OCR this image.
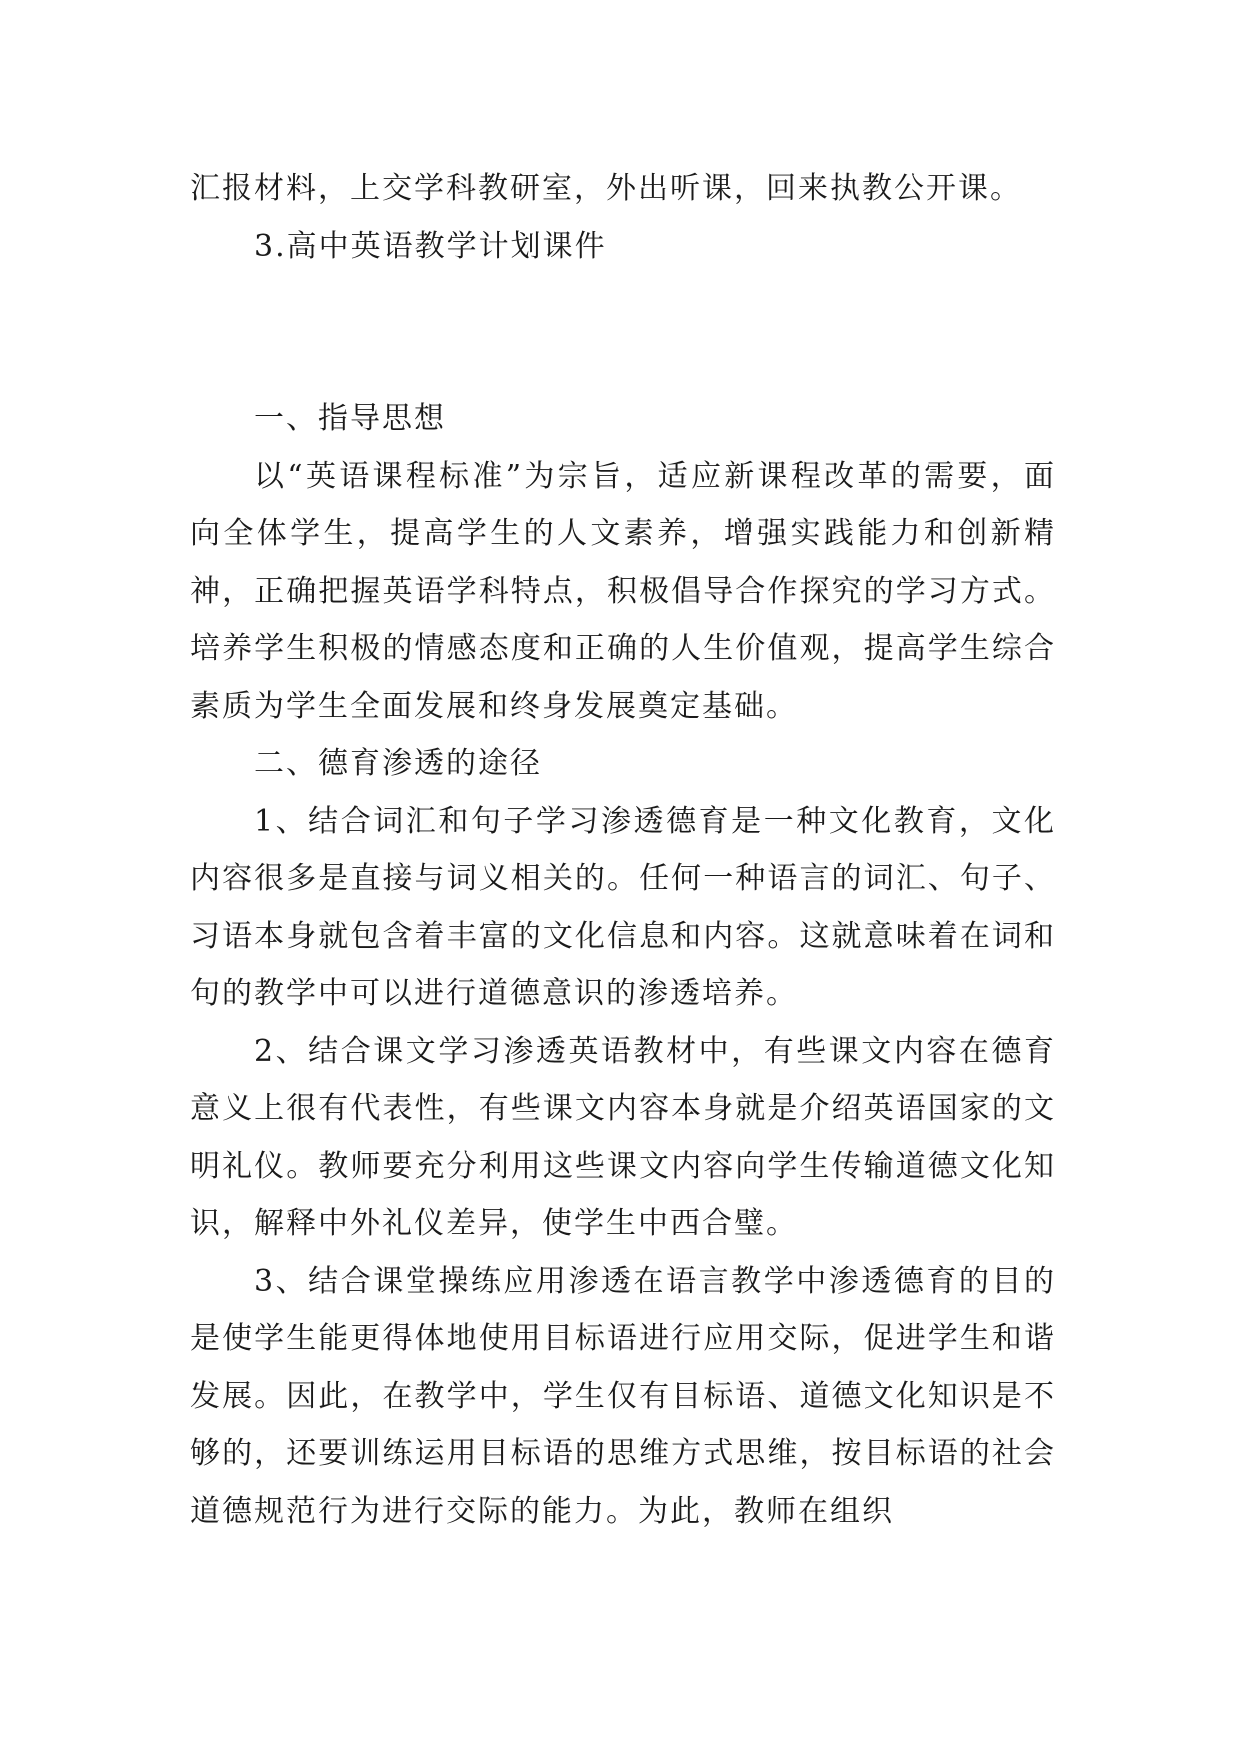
汇报材料，上交学科教研室，外出听课，回来执教公开课。

3.高中英语教学计划课件

一、指导思想

以“英语课程标准”为宗旨，适应新课程改革的需要，面向全体学生，提高学生的人文素养，增强实践能力和创新精神，正确把握英语学科特点，积极倡导合作探究的学习方式。培养学生积极的情感态度和正确的人生价值观，提高学生综合素质为学生全面发展和终身发展奠定基础。

二、德育渗透的途径

1、结合词汇和句子学习渗透德育是一种文化教育，文化内容很多是直接与词义相关的。任何一种语言的词汇、句子、习语本身就包含着丰富的文化信息和内容。这就意味着在词和句的教学中可以进行道德意识的渗透培养。

2、结合课文学习渗透英语教材中，有些课文内容在德育意义上很有代表性，有些课文内容本身就是介绍英语国家的文明礼仪。教师要充分利用这些课文内容向学生传输道德文化知识，解释中外礼仪差异，使学生中西合璧。

3、结合课堂操练应用渗透在语言教学中渗透德育的目的是使学生能更得体地使用目标语进行应用交际，促进学生和谐发展。因此，在教学中，学生仅有目标语、道德文化知识是不够的，还要训练运用目标语的思维方式思维，按目标语的社会道德规范行为进行交际的能力。为此，教师在组织
